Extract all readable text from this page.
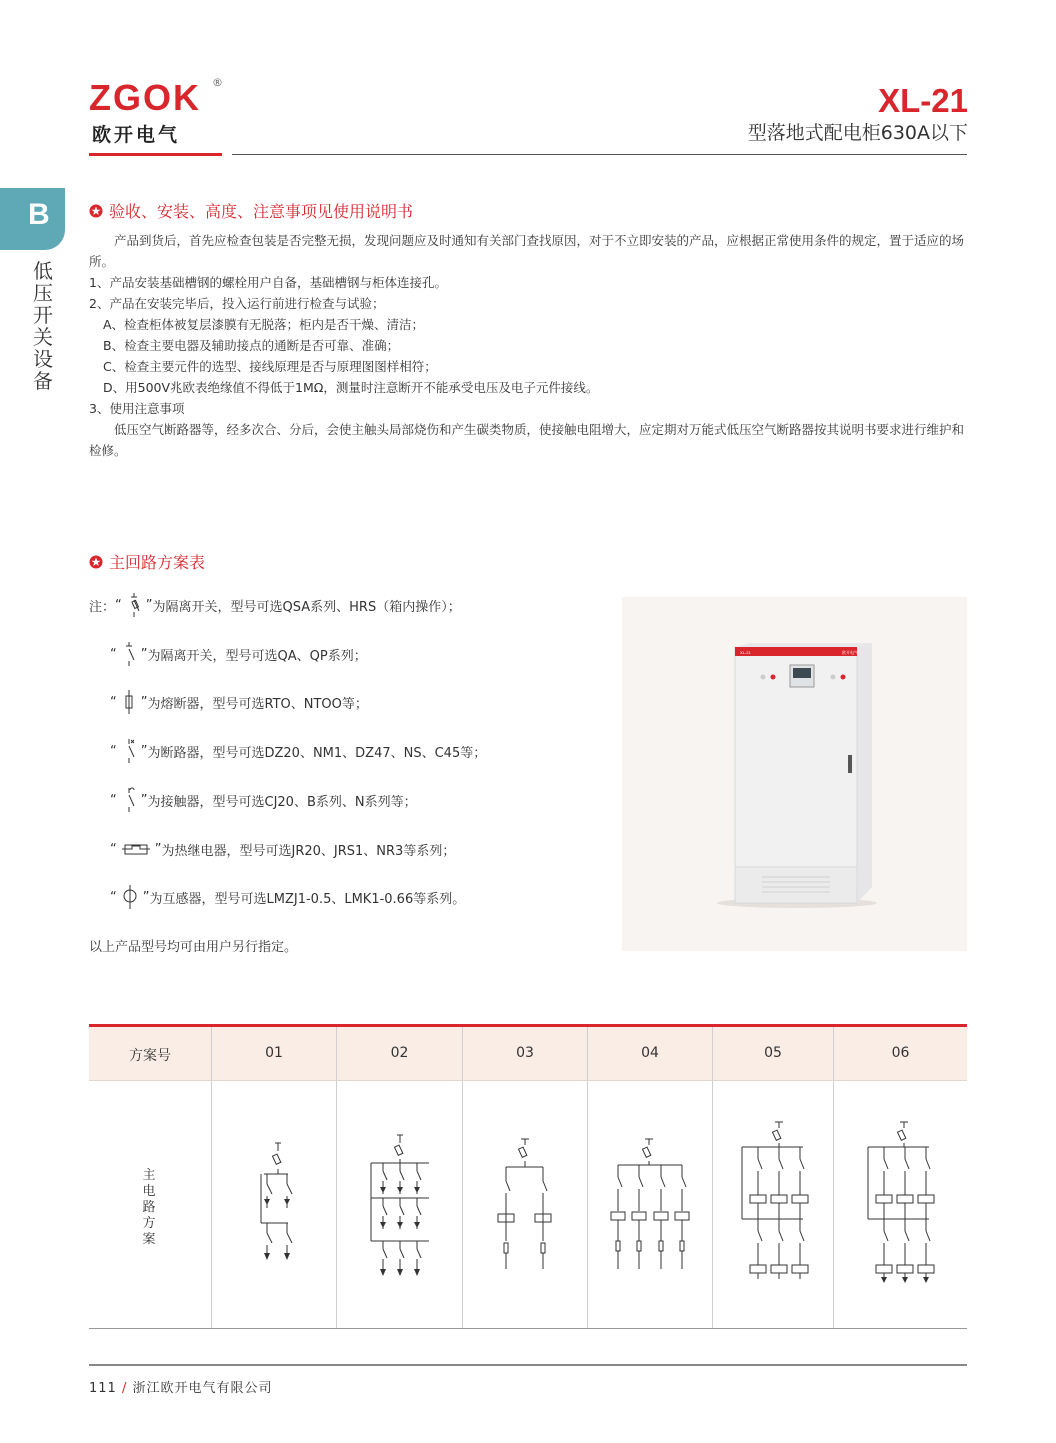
ZGOK ®
欧开电气
XL-21
型落地式配电柜630A以下
B
低压开关设备
验收、安装、高度、注意事项见使用说明书

产品到货后，首先应检查包装是否完整无损，发现问题应及时通知有关部门查找原因，对于不立即安装的产品，应根据正常使用条件的规定，置于适应的场所。

1、产品安装基础槽钢的螺栓用户自备，基础槽钢与柜体连接孔。

2、产品在安装完毕后，投入运行前进行检查与试验；

A、检查柜体被复层漆膜有无脱落；柜内是否干燥、清洁；

B、检查主要电器及辅助接点的通断是否可靠、准确；

C、检查主要元件的选型、接线原理是否与原理图图样相符；

D、用500V兆欧表绝缘值不得低于1MΩ，测量时注意断开不能承受电压及电子元件接线。

3、使用注意事项

低压空气断路器等，经多次合、分后，会使主触头局部烧伤和产生碳类物质，使接触电阻增大，应定期对万能式低压空气断路器按其说明书要求进行维护和检修。

主回路方案表
注： “ ” 为隔离开关，型号可选QSA系列、HRS（箱内操作）；
“ ” 为隔离开关，型号可选QA、QP系列；
“ ” 为熔断器，型号可选RTO、NTOO等；
“ ” 为断路器，型号可选DZ20、NM1、DZ47、NS、C45等；
“ ” 为接触器，型号可选CJ20、B系列、N系列等；
“	” 为热继电器，型号可选JR20、JRS1、NR3等系列；
“ ” 为互感器，型号可选LMZJ1-0.5、LMK1-0.66等系列。
以上产品型号均可由用户另行指定。
XL-21	欧开电气
方案号	01	02	03	04	05	06
主电路方案
111 / 浙江欧开电气有限公司
